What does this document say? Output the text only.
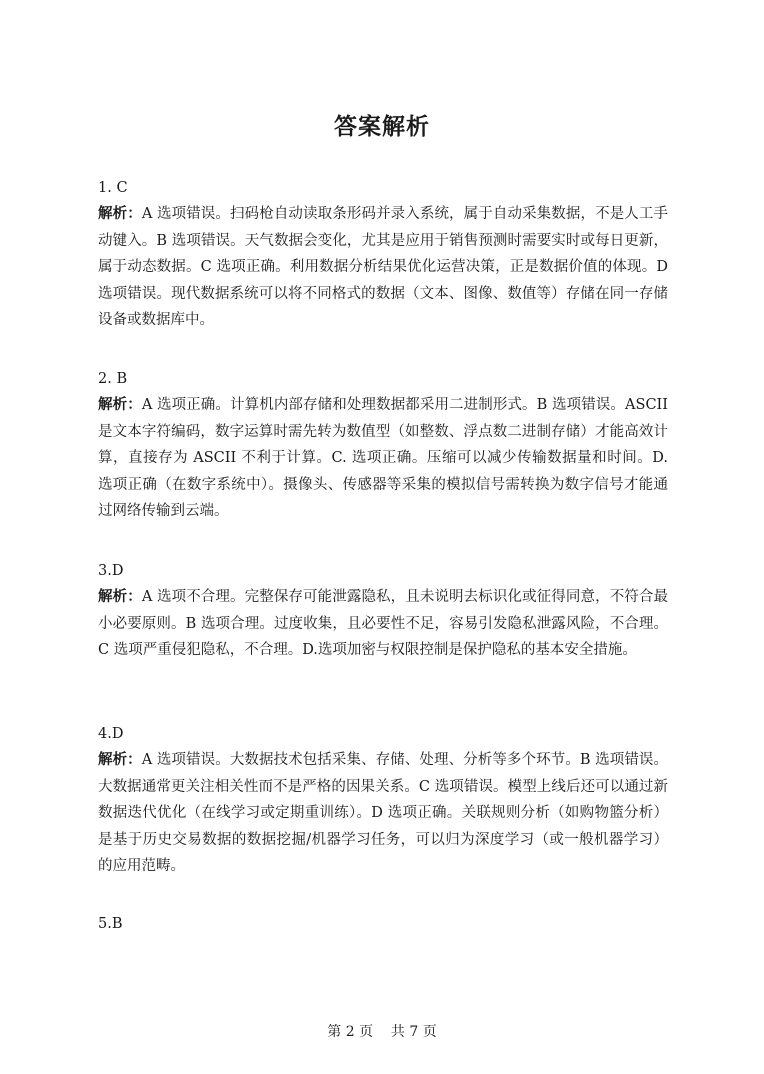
答案解析

1. C

解析：A 选项错误。扫码枪自动读取条形码并录入系统，属于自动采集数据，不是人工手动键入。B 选项错误。天气数据会变化，尤其是应用于销售预测时需要实时或每日更新，属于动态数据。C 选项正确。利用数据分析结果优化运营决策，正是数据价值的体现。D 选项错误。现代数据系统可以将不同格式的数据（文本、图像、数值等）存储在同一存储设备或数据库中。

2. B

解析：A 选项正确。计算机内部存储和处理数据都采用二进制形式。B 选项错误。ASCII 是文本字符编码，数字运算时需先转为数值型（如整数、浮点数二进制存储）才能高效计算，直接存为 ASCII 不利于计算。C. 选项正确。压缩可以减少传输数据量和时间。D. 选项正确（在数字系统中）。摄像头、传感器等采集的模拟信号需转换为数字信号才能通过网络传输到云端。

3.D

解析：A 选项不合理。完整保存可能泄露隐私，且未说明去标识化或征得同意，不符合最小必要原则。B 选项合理。过度收集，且必要性不足，容易引发隐私泄露风险，不合理。C 选项严重侵犯隐私，不合理。D.选项加密与权限控制是保护隐私的基本安全措施。

4.D

解析：A 选项错误。大数据技术包括采集、存储、处理、分析等多个环节。B 选项错误。大数据通常更关注相关性而不是严格的因果关系。C 选项错误。模型上线后还可以通过新数据迭代优化（在线学习或定期重训练）。D 选项正确。关联规则分析（如购物篮分析）是基于历史交易数据的数据挖掘/机器学习任务，可以归为深度学习（或一般机器学习）的应用范畴。

5.B

第 2 页    共 7 页
